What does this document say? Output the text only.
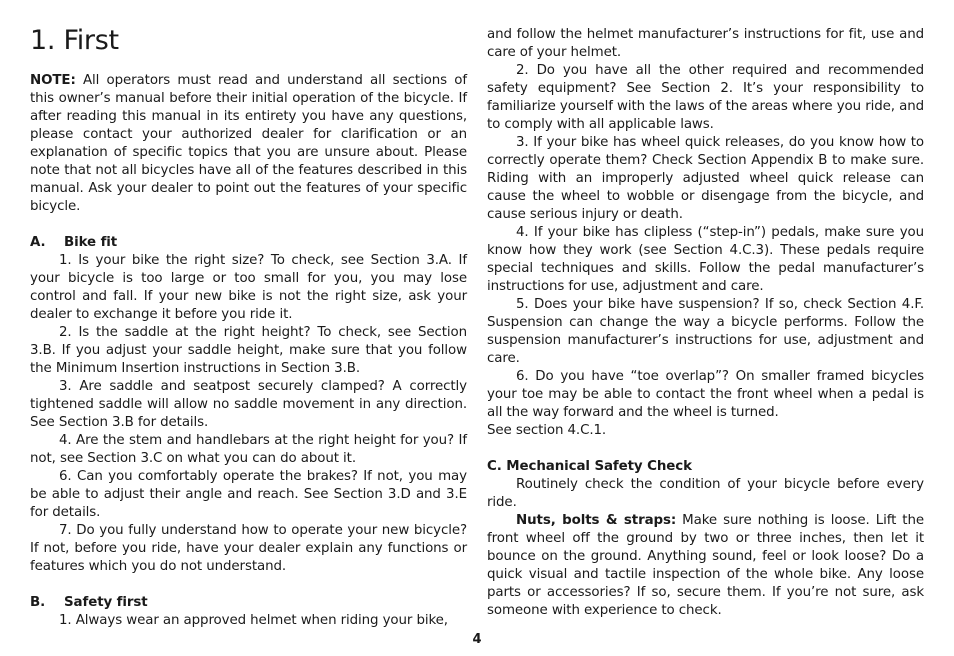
1. First

NOTE: All operators must read and understand all sections of this owner’s manual before their initial operation of the bicycle. If after reading this manual in its entirety you have any questions, please contact your authorized dealer for clarification or an explanation of specific topics that you are unsure about. Please note that not all bicycles have all of the features described in this manual. Ask your dealer to point out the features of your specific bicycle.

A. Bike fit

1. Is your bike the right size? To check, see Section 3.A. If your bicycle is too large or too small for you, you may lose control and fall. If your new bike is not the right size, ask your dealer to exchange it before you ride it.

2. Is the saddle at the right height? To check, see Section 3.B. If you adjust your saddle height, make sure that you follow the Minimum Insertion instructions in Section 3.B.

3. Are saddle and seatpost securely clamped? A correctly tightened saddle will allow no saddle movement in any direction. See Section 3.B for details.

4. Are the stem and handlebars at the right height for you? If not, see Section 3.C on what you can do about it.

6. Can you comfortably operate the brakes? If not, you may be able to adjust their angle and reach. See Section 3.D and 3.E for details.

7. Do you fully understand how to operate your new bicycle? If not, before you ride, have your dealer explain any functions or features which you do not understand.

B. Safety first

1. Always wear an approved helmet when riding your bike,

and follow the helmet manufacturer’s instructions for fit, use and care of your helmet.

2. Do you have all the other required and recommended safety equipment? See Section 2. It’s your responsibility to familiarize yourself with the laws of the areas where you ride, and to comply with all applicable laws.

3. If your bike has wheel quick releases, do you know how to correctly operate them? Check Section Appendix B to make sure. Riding with an improperly adjusted wheel quick release can cause the wheel to wobble or disengage from the bicycle, and cause serious injury or death.

4. If your bike has clipless (“step-in”) pedals, make sure you know how they work (see Section 4.C.3). These pedals require special techniques and skills. Follow the pedal manufacturer’s instructions for use, adjustment and care.

5. Does your bike have suspension? If so, check Section 4.F. Suspension can change the way a bicycle performs. Follow the suspension manufacturer’s instructions for use, adjustment and care.

6. Do you have “toe overlap”? On smaller framed bicycles your toe may be able to contact the front wheel when a pedal is all the way forward and the wheel is turned.

See section 4.C.1.

C. Mechanical Safety Check

Routinely check the condition of your bicycle before every ride.

Nuts, bolts & straps: Make sure nothing is loose. Lift the front wheel off the ground by two or three inches, then let it bounce on the ground. Anything sound, feel or look loose? Do a quick visual and tactile inspection of the whole bike. Any loose parts or accessories? If so, secure them. If you’re not sure, ask someone with experience to check.

4
